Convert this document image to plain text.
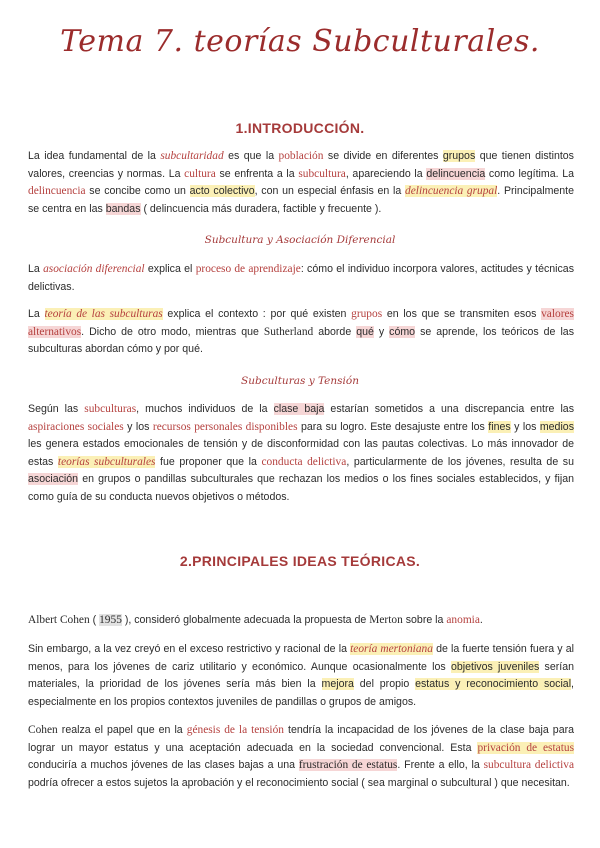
Tema 7. teorías Subculturales.
1.INTRODUCCIÓN.
La idea fundamental de la subcultaridad es que la población se divide en diferentes grupos que tienen distintos valores, creencias y normas. La cultura se enfrenta a la subcultura, apareciendo la delincuencia como legítima. La delincuencia se concibe como un acto colectivo, con un especial énfasis en la delincuencia grupal. Principalmente se centra en las bandas ( delincuencia más duradera, factible y frecuente ).
Subcultura y Asociación Diferencial
La asociación diferencial explica el proceso de aprendizaje: cómo el individuo incorpora valores, actitudes y técnicas delictivas.
La teoría de las subculturas explica el contexto : por qué existen grupos en los que se transmiten esos valores alternativos. Dicho de otro modo, mientras que Sutherland aborde qué y cómo se aprende, los teóricos de las subculturas abordan cómo y por qué.
Subculturas y Tensión
Según las subculturas, muchos individuos de la clase baja estarían sometidos a una discrepancia entre las aspiraciones sociales y los recursos personales disponibles para su logro. Este desajuste entre los fines y los medios les genera estados emocionales de tensión y de disconformidad con las pautas colectivas. Lo más innovador de estas teorías subculturales fue proponer que la conducta delictiva, particularmente de los jóvenes, resulta de su asociación en grupos o pandillas subculturales que rechazan los medios o los fines sociales establecidos, y fijan como guía de su conducta nuevos objetivos o métodos.
2.PRINCIPALES IDEAS TEÓRICAS.
Albert Cohen ( 1955 ), consideró globalmente adecuada la propuesta de Merton sobre la anomia.
Sin embargo, a la vez creyó en el exceso restrictivo y racional de la teoría mertoniana de la fuerte tensión fuera y al menos, para los jóvenes de cariz utilitario y económico. Aunque ocasionalmente los objetivos juveniles serían materiales, la prioridad de los jóvenes sería más bien la mejora del propio estatus y reconocimiento social, especialmente en los propios contextos juveniles de pandillas o grupos de amigos.
Cohen realza el papel que en la génesis de la tensión tendría la incapacidad de los jóvenes de la clase baja para lograr un mayor estatus y una aceptación adecuada en la sociedad convencional. Esta privación de estatus conduciría a muchos jóvenes de las clases bajas a una frustración de estatus. Frente a ello, la subcultura delictiva podría ofrecer a estos sujetos la aprobación y el reconocimiento social ( sea marginal o subcultural ) que necesitan.
